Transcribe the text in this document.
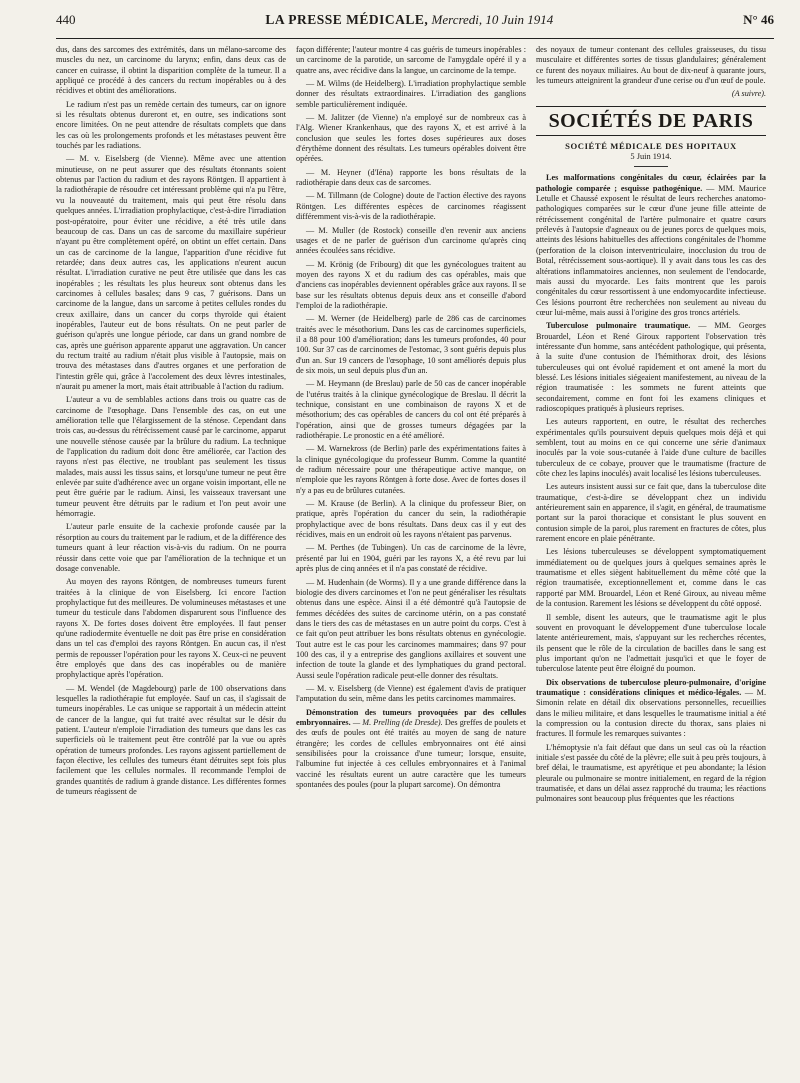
440	LA PRESSE MÉDICALE, Mercredi, 10 Juin 1914	N° 46

dus, dans des sarcomes des extrémités, dans un mélano-sarcome des muscles du nez, un carcinome du larynx; enfin, dans deux cas de cancer en cuirasse, il obtint la disparition complète de la tumeur. Il a appliqué ce procédé à des cancers du rectum inopérables ou à des récidives et obtint des améliorations.

Le radium n'est pas un remède certain des tumeurs, car on ignore si les résultats obtenus dureront et, en outre, ses indications sont encore limitées. On ne peut attendre de résultats complets que dans les cas où les prolongements profonds et les métastases peuvent être touchés par les radiations.

— M. v. Eiselsberg (de Vienne). Même avec une attention minutieuse, on ne peut assurer que des résultats étonnants soient obtenus par l'action du radium et des rayons Röntgen. Il appartient à la radiothérapie de résoudre cet intéressant problème qui n'a pu l'être, vu la nouveauté du traitement, mais qui peut être résolu dans quelques années. L'irradiation prophylactique, c'est-à-dire l'irradiation post-opératoire, pour éviter une récidive, a été très utile dans beaucoup de cas. Dans un cas de sarcome du maxillaire supérieur n'ayant pu être complètement opéré, on obtint un effet certain. Dans un cas de carcinome de la langue, l'apparition d'une récidive fut retardée; dans deux autres cas, les applications n'eurent aucun résultat. L'irradiation curative ne peut être utilisée que dans les cas inopérables ; les résultats les plus heureux sont obtenus dans les carcinomes à cellules basales; dans 9 cas, 7 guérisons. Dans un carcinome de la langue, dans un sarcome à petites cellules rondes du creux axillaire, dans un cancer du corps thyroïde qui étaient inopérables, l'auteur eut de bons résultats. On ne peut parler de guérison qu'après une longue période, car dans un grand nombre de cas, après une guérison apparente apparut une aggravation. Un cancer du rectum traité au radium n'était plus visible à l'autopsie, mais on trouva des métastases dans d'autres organes et une perforation de l'intestin grêle qui, grâce à l'accolement des deux lèvres intestinales, n'aurait pu amener la mort, mais était attribuable à l'action du radium.

L'auteur a vu de semblables actions dans trois ou quatre cas de carcinome de l'œsophage. Dans l'ensemble des cas, on eut une amélioration telle que l'élargissement de la sténose. Cependant dans trois cas, au-dessus du rétrécissement causé par le carcinome, apparut une nouvelle sténose causée par la brûlure du radium. La technique de l'application du radium doit donc être améliorée, car l'action des rayons n'est pas élective, ne troublant pas seulement les tissus malades, mais aussi les tissus sains, et lorsqu'une tumeur ne peut être enlevée par suite d'adhérence avec un organe voisin important, elle ne peut être guérie par le radium. Ainsi, les vaisseaux traversant une tumeur peuvent être détruits par le radium et l'on peut avoir une hémorragie.

L'auteur parle ensuite de la cachexie profonde causée par la résorption au cours du traitement par le radium, et de la différence des tumeurs quant à leur réaction vis-à-vis du radium. On ne pourra réussir dans cette voie que par l'amélioration de la technique et un dosage convenable.

Au moyen des rayons Röntgen, de nombreuses tumeurs furent traitées à la clinique de von Eiselsberg. Ici encore l'action prophylactique fut des meilleures. De volumineuses métastases et une tumeur du testicule dans l'abdomen disparurent sous l'influence des rayons X. De fortes doses doivent être employées. Il faut penser qu'une radiodermite éventuelle ne doit pas être prise en considération dans un tel cas d'emploi des rayons Röntgen. En aucun cas, il n'est permis de repousser l'opération pour les rayons X. Ceux-ci ne peuvent être employés que dans des cas inopérables ou de manière prophylactique après l'opération.

— M. Wendel (de Magdebourg) parle de 100 observations dans lesquelles la radiothérapie fut employée. Sauf un cas, il s'agissait de tumeurs inopérables. Le cas unique se rapportait à un médecin atteint de cancer de la langue, qui fut traité avec résultat sur le désir du patient. L'auteur n'emploie l'irradiation des tumeurs que dans les cas superficiels où le traitement peut être contrôlé par la vue ou après opération de tumeurs profondes. Les rayons agissent partiellement de façon élective, les cellules des tumeurs étant détruites sept fois plus facilement que les cellules normales. Il recommande l'emploi de grandes quantités de radium à grande distance. Les différentes formes de tumeurs réagissent de

façon différente; l'auteur montre 4 cas guéris de tumeurs inopérables : un carcinome de la parotide, un sarcome de l'amygdale opéré il y a quatre ans, avec récidive dans la langue, un carcinome de la tempe.

— M. Wilms (de Heidelberg). L'irradiation prophylactique semble donner des résultats extraordinaires. L'irradiation des ganglions semble particulièrement indiquée.

— M. Jalitzer (de Vienne) n'a employé sur de nombreux cas à l'Alg. Wiener Krankenhaus, que des rayons X, et est arrivé à la conclusion que seules les fortes doses supérieures aux doses d'érythème donnent des résultats. Les tumeurs opérables doivent être opérées.

— M. Heyner (d'Iéna) rapporte les bons résultats de la radiothérapie dans deux cas de sarcomes.

— M. Tillmann (de Cologne) doute de l'action élective des rayons Röntgen. Les différentes espèces de carcinomes réagissent différemment vis-à-vis de la radiothérapie.

— M. Muller (de Rostock) conseille d'en revenir aux anciens usages et de ne parler de guérison d'un carcinome qu'après cinq années écoulées sans récidive.

— M. Krönig (de Fribourg) dit que les gynécologues traitent au moyen des rayons X et du radium des cas opérables, mais que d'anciens cas inopérables deviennent opérables grâce aux rayons. Il se base sur les résultats obtenus depuis deux ans et conseille d'abord l'emploi de la radiothérapie.

— M. Werner (de Heidelberg) parle de 286 cas de carcinomes traités avec le mésothorium. Dans les cas de carcinomes superficiels, il a 88 pour 100 d'amélioration; dans les tumeurs profondes, 40 pour 100. Sur 37 cas de carcinomes de l'estomac, 3 sont guéris depuis plus d'un an. Sur 19 cancers de l'œsophage, 10 sont améliorés depuis plus de six mois, un seul depuis plus d'un an.

— M. Heymann (de Breslau) parle de 50 cas de cancer inopérable de l'utérus traités à la clinique gynécologique de Breslau. Il décrit la technique, consistant en une combinaison de rayons X et de mésothorium; des cas opérables de cancers du col ont été préparés à l'opération, ainsi que de grosses tumeurs dégagées par la radiothérapie. Le pronostic en a été amélioré.

— M. Warnekross (de Berlin) parle des expérimentations faites à la clinique gynécologique du professeur Bumm. Comme la quantité de radium nécessaire pour une thérapeutique active manque, on n'emploie que les rayons Röntgen à forte dose. Avec de fortes doses il n'y a pas eu de brûlures cutanées.

— M. Krause (de Berlin). A la clinique du professeur Bier, on pratique, après l'opération du cancer du sein, la radiothérapie prophylactique avec de bons résultats. Dans deux cas il y eut des récidives, mais en un endroit où les rayons n'étaient pas parvenus.

— M. Perthes (de Tubingen). Un cas de carcinome de la lèvre, présenté par lui en 1904, guéri par les rayons X, a été revu par lui après plus de cinq années et il n'a pas constaté de récidive.

— M. Hudenhain (de Worms). Il y a une grande différence dans la biologie des divers carcinomes et l'on ne peut généraliser les résultats obtenus dans une espèce. Ainsi il a été démontré qu'à l'autopsie de femmes décédées des suites de carcinome utérin, on a pas constaté dans le tiers des cas de métastases en un autre point du corps. C'est à ce fait qu'on peut attribuer les bons résultats obtenus en gynécologie. Tout autre est le cas pour les carcinomes mammaires; dans 97 pour 100 des cas, il y a entreprise des ganglions axillaires et souvent une infection de toute la glande et des lymphatiques du grand pectoral. Aussi seule l'opération radicale peut-elle donner des résultats.

— M. v. Eiselsberg (de Vienne) est également d'avis de pratiquer l'amputation du sein, même dans les petits carcinomes mammaires.

Démonstration des tumeurs provoquées par des cellules embryonnaires. — M. Prelling (de Dresde). Des greffes de poulets et des œufs de poules ont été traités au moyen de sang de nature étrangère; les cordes de cellules embryonnaires ont été ainsi sensibilisées pour la croissance d'une tumeur; lorsque, ensuite, l'albumine fut injectée à ces cellules embryonnaires et à l'animal vacciné les résultats eurent un autre caractère que les tumeurs spontanées des poules (pour la plupart sarcome). On démontra

des noyaux de tumeur contenant des cellules graisseuses, du tissu musculaire et différentes sortes de tissus glandulaires; généralement ce furent des noyaux miliaires. Au bout de dix-neuf à quarante jours, les tumeurs atteignirent la grandeur d'une cerise ou d'un œuf de poule.

(A suivre).

SOCIÉTÉS DE PARIS
SOCIÉTÉ MÉDICALE DES HOPITAUX
5 Juin 1914.

Les malformations congénitales du cœur, éclairées par la pathologie comparée ; esquisse pathogénique. — MM. Maurice Letulle et Chaussé exposent le résultat de leurs recherches anatomo-pathologiques comparées sur le cœur d'une jeune fille atteinte de rétrécissement congénital de l'artère pulmonaire et quatre cœurs prélevés à l'autopsie d'agneaux ou de jeunes porcs de quelques mois, atteints des lésions habituelles des affections congénitales de l'homme (perforation de la cloison interventriculaire, inocclusion du trou de Botal, rétrécissement sous-aortique). Il y avait dans tous les cas des altérations inflammatoires anciennes, non seulement de l'endocarde, mais aussi du myocarde. Les faits montrent que les parois congénitales du cœur ressortissent à une endomyocardite infectieuse. Ces lésions pourront être recherchées non seulement au niveau du cœur lui-même, mais aussi à l'origine des gros troncs artériels.

Tuberculose pulmonaire traumatique. — MM. Georges Brouardel, Léon et René Giroux rapportent l'observation très intéressante d'un homme, sans antécédent pathologique, qui présenta, à la suite d'une contusion de l'hémithorax droit, des lésions tuberculeuses qui ont évolué rapidement et ont amené la mort du blessé. Les lésions initiales siégeaient manifestement, au niveau de la région traumatisée : les sommets ne furent atteints que secondairement, comme en font foi les examens cliniques et radioscopiques pratiqués à plusieurs reprises.

Les auteurs rapportent, en outre, le résultat des recherches expérimentales qu'ils poursuivent depuis quelques mois déjà et qui semblent, tout au moins en ce qui concerne une série d'animaux inoculés par la voie sous-cutanée à l'aide d'une culture de bacilles tuberculeux de ce cobaye, prouver que le traumatisme (fracture de côte chez les lapins inoculés) avait localisé les lésions tuberculeuses.

Les auteurs insistent aussi sur ce fait que, dans la tuberculose dite traumatique, c'est-à-dire se développant chez un individu antérieurement sain en apparence, il s'agit, en général, de traumatisme portant sur la paroi thoracique et consistant le plus souvent en contusion simple de la paroi, plus rarement en fractures de côtes, plus rarement encore en plaie pénétrante.

Les lésions tuberculeuses se développent symptomatiquement immédiatement ou de quelques jours à quelques semaines après le traumatisme et elles siègent habituellement du même côté que la région traumatisée, exceptionnellement et, comme dans le cas rapporté par MM. Brouardel, Léon et René Giroux, au niveau même de la contusion. Rarement les lésions se développent du côté opposé.

Il semble, disent les auteurs, que le traumatisme agit le plus souvent en provoquant le développement d'une tuberculose locale latente antérieurement, mais, s'appuyant sur les recherches récentes, ils pensent que le rôle de la circulation de bacilles dans le sang est plus important qu'on ne l'admettait jusqu'ici et que le foyer de tuberculose latente peut être éloigné du poumon.

Dix observations de tuberculose pleuro-pulmonaire, d'origine traumatique : considérations cliniques et médico-légales. — M. Simonin relate en détail dix observations personnelles, recueillies dans le milieu militaire, et dans lesquelles le traumatisme initial a été la compression ou la contusion directe du thorax, sans plaies ni fractures. Il formule les remarques suivantes :

L'hémoptysie n'a fait défaut que dans un seul cas où la réaction initiale s'est passée du côté de la plèvre; elle suit à peu près toujours, à bref délai, le traumatisme, est apyrétique et peu abondante; la lésion pleurale ou pulmonaire se montre initialement, en regard de la région traumatisée, et dans un délai assez rapproché du trauma; les réactions pulmonaires sont beaucoup plus fréquentes que les réactions
